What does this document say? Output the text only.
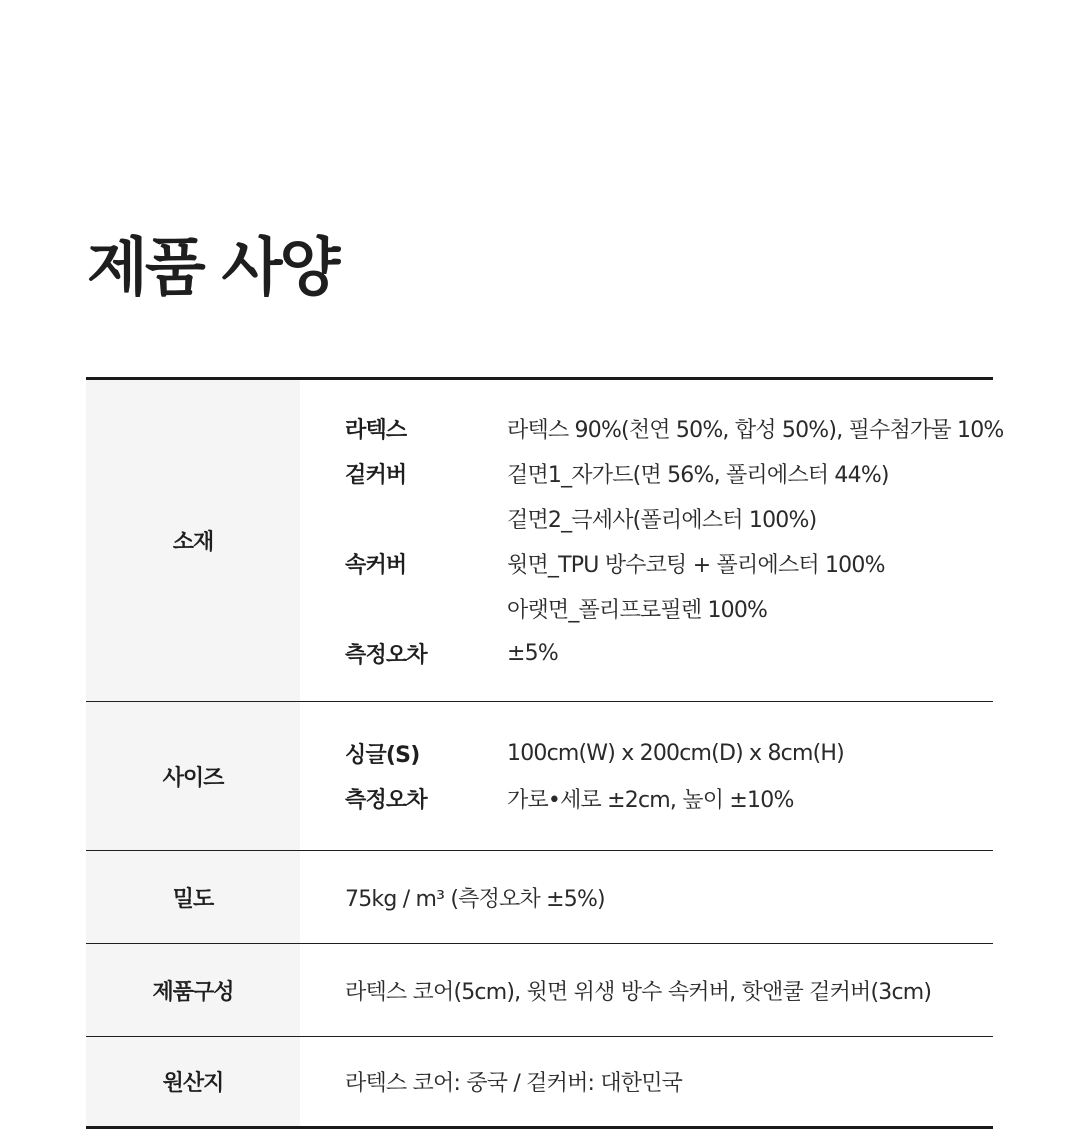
제품 사양
소재
라텍스	라텍스 90%(천연 50%, 합성 50%), 필수첨가물 10%
겉커버	겉면1_자가드(면 56%, 폴리에스터 44%)
겉면2_극세사(폴리에스터 100%)
속커버	윗면_TPU 방수코팅 + 폴리에스터 100%
아랫면_폴리프로필렌 100%
측정오차	±5%
사이즈
싱글(S)	100cm(W) x 200cm(D) x 8cm(H)
측정오차	가로•세로 ±2cm, 높이 ±10%
밀도	75kg / m³ (측정오차 ±5%)
제품구성	라텍스 코어(5cm), 윗면 위생 방수 속커버, 핫앤쿨 겉커버(3cm)
원산지	라텍스 코어: 중국 / 겉커버: 대한민국
